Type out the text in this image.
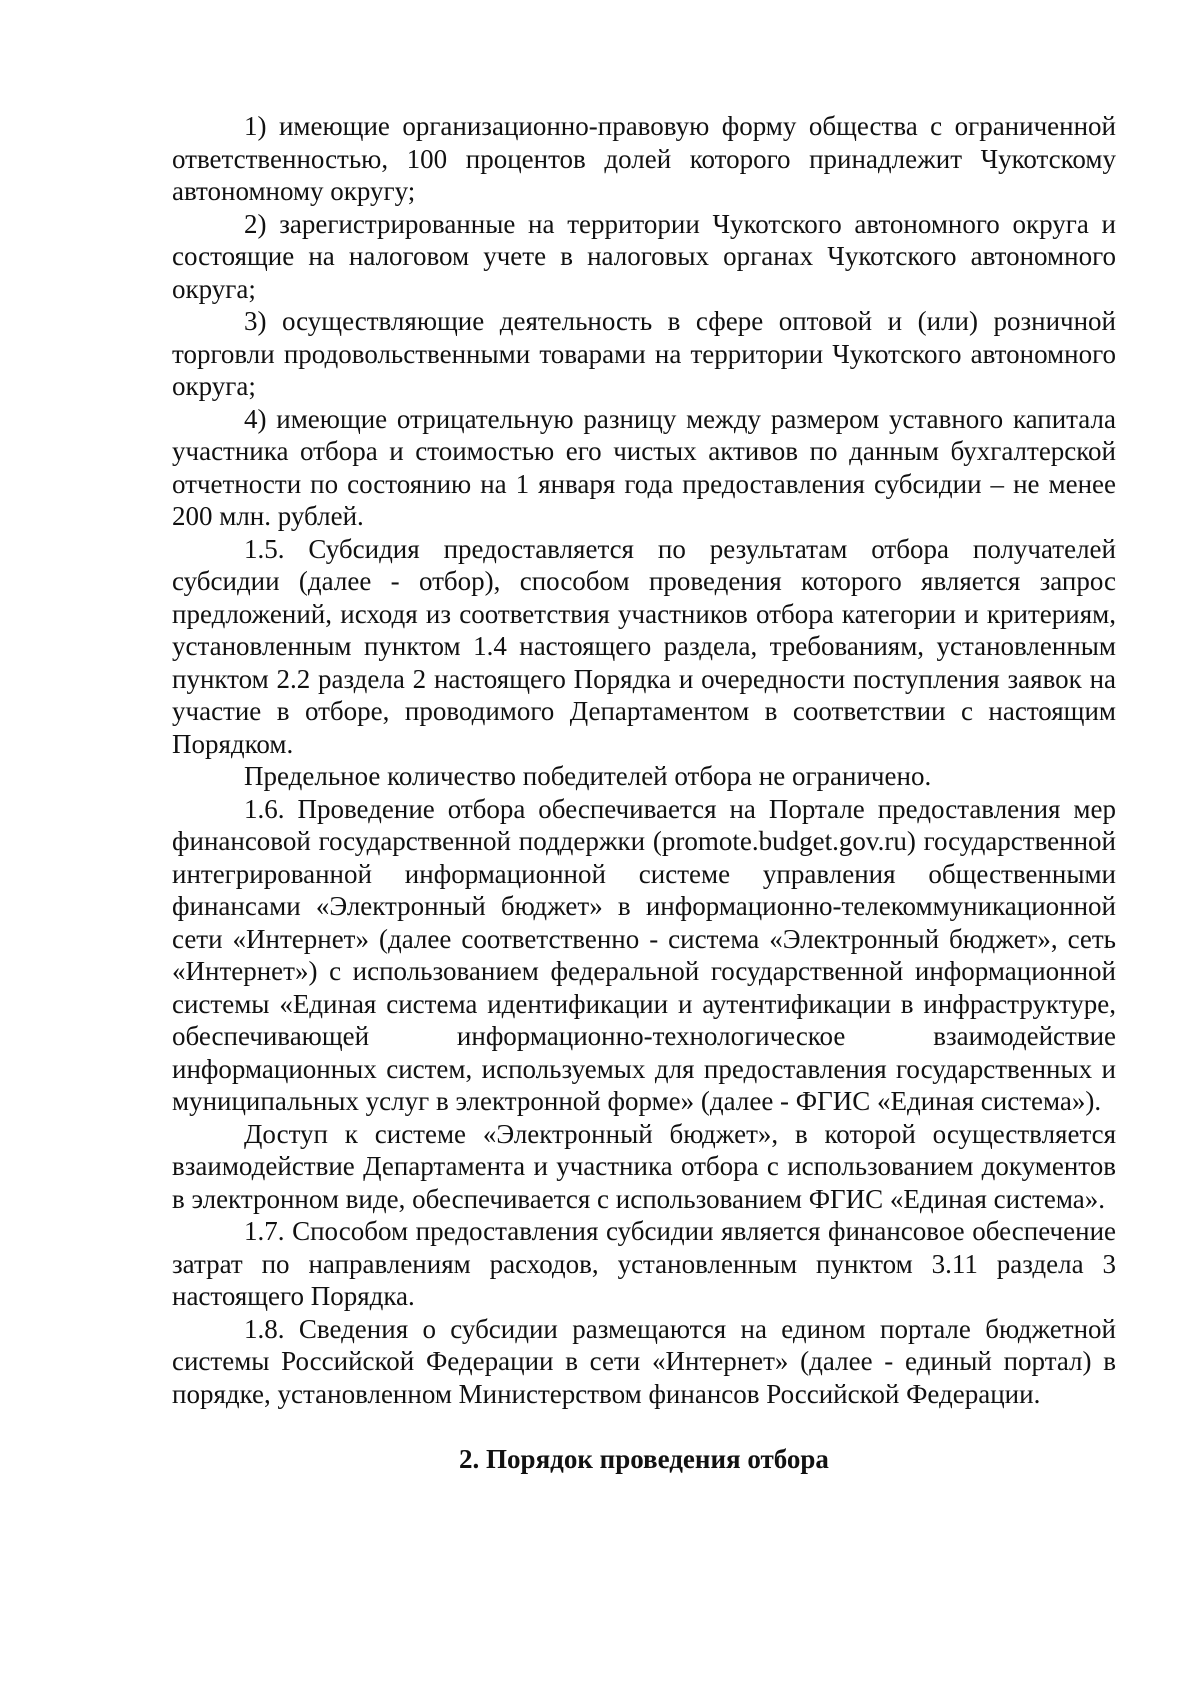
1) имеющие организационно-правовую форму общества с ограниченной ответственностью, 100 процентов долей которого принадлежит Чукотскому автономному округу;

2) зарегистрированные на территории Чукотского автономного округа и состоящие на налоговом учете в налоговых органах Чукотского автономного округа;

3) осуществляющие деятельность в сфере оптовой и (или) розничной торговли продовольственными товарами на территории Чукотского автономного округа;

4) имеющие отрицательную разницу между размером уставного капитала участника отбора и стоимостью его чистых активов по данным бухгалтерской отчетности по состоянию на 1 января года предоставления субсидии – не менее 200 млн. рублей.

1.5. Субсидия предоставляется по результатам отбора получателей субсидии (далее - отбор), способом проведения которого является запрос предложений, исходя из соответствия участников отбора категории и критериям, установленным пунктом 1.4 настоящего раздела, требованиям, установленным пунктом 2.2 раздела 2 настоящего Порядка и очередности поступления заявок на участие в отборе, проводимого Департаментом в соответствии с настоящим Порядком.

Предельное количество победителей отбора не ограничено.

1.6. Проведение отбора обеспечивается на Портале предоставления мер финансовой государственной поддержки (promote.budget.gov.ru) государственной интегрированной информационной системе управления общественными финансами «Электронный бюджет» в информационно-телекоммуникационной сети «Интернет» (далее соответственно - система «Электронный бюджет», сеть «Интернет») с использованием федеральной государственной информационной системы «Единая система идентификации и аутентификации в инфраструктуре, обеспечивающей информационно-технологическое взаимодействие информационных систем, используемых для предоставления государственных и муниципальных услуг в электронной форме» (далее - ФГИС «Единая система»).

Доступ к системе «Электронный бюджет», в которой осуществляется взаимодействие Департамента и участника отбора с использованием документов в электронном виде, обеспечивается с использованием ФГИС «Единая система».

1.7. Способом предоставления субсидии является финансовое обеспечение затрат по направлениям расходов, установленным пунктом 3.11 раздела 3 настоящего Порядка.

1.8. Сведения о субсидии размещаются на едином портале бюджетной системы Российской Федерации в сети «Интернет» (далее - единый портал) в порядке, установленном Министерством финансов Российской Федерации.

2. Порядок проведения отбора
